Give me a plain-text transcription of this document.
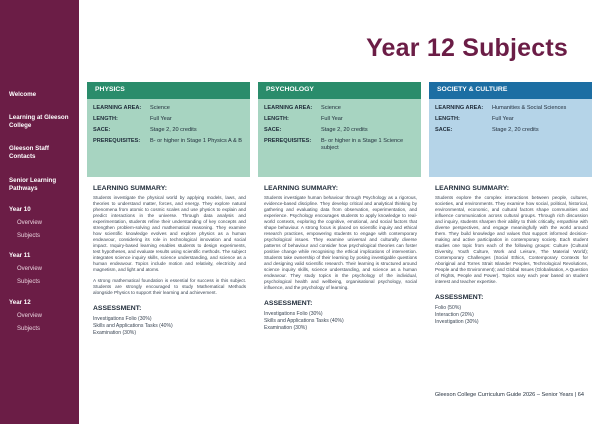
Welcome
Learning at Gleeson College
Gleeson Staff Contacts
Senior Learning Pathways
Year 10
Overview
Subjects
Year 11
Overview
Subjects
Year 12
Overview
Subjects
Year 12 Subjects
PHYSICS
LEARNING AREA:	Science
LENGTH:	Full Year
SACE:	Stage 2, 20 credits
PREREQUISITES:	B- or higher in Stage 1 Physics A & B
LEARNING SUMMARY:

Students investigate the physical world by applying models, laws, and theories to understand matter, forces, and energy. They explore natural phenomena from atomic to cosmic scales and use physics to explain and predict interactions in the universe. Through data analysis and experimentation, students refine their understanding of key concepts and strengthen problem-solving and mathematical reasoning. They examine how scientific knowledge evolves and explore physics as a human endeavour, considering its role in technological innovation and social impact. Inquiry-based learning enables students to design experiments, test hypotheses, and evaluate results using scientific methods. The subject integrates science inquiry skills, science understanding, and science as a human endeavour. Topics include motion and relativity, electricity and magnetism, and light and atoms.

A strong mathematical foundation is essential for success in this subject. Students are strongly encouraged to study Mathematical Methods alongside Physics to support their learning and achievement.

ASSESSMENT:
Investigations Folio (30%)
Skills and Applications Tasks (40%)
Examination (30%)
PSYCHOLOGY
LEARNING AREA:	Science
LENGTH:	Full Year
SACE:	Stage 2, 20 credits
PREREQUISITES:	B- or higher in a Stage 1 Science subject
LEARNING SUMMARY:

Students investigate human behaviour through Psychology as a rigorous, evidence-based discipline. They develop critical and analytical thinking by gathering and evaluating data from observation, experimentation, and experience. Psychology encourages students to apply knowledge to real-world contexts, exploring the cognitive, emotional, and social factors that shape behaviour. A strong focus is placed on scientific inquiry and ethical research practices, empowering students to engage with contemporary psychological issues. They examine universal and culturally diverse patterns of behaviour and consider how psychological theories can foster positive change while recognising the ethical implications of intervention. Students take ownership of their learning by posing investigable questions and designing valid scientific research. Their learning is structured around science inquiry skills, science understanding, and science as a human endeavour. They study topics in the psychology of the individual, psychological health and wellbeing, organisational psychology, social influence, and the psychology of learning.

ASSESSMENT:
Investigations Folio (30%)
Skills and Applications Tasks (40%)
Examination (30%)
SOCIETY & CULTURE
LEARNING AREA:	Humanities & Social Sciences
LENGTH:	Full Year
SACE:	Stage 2, 20 credits
LEARNING SUMMARY:

Students explore the complex interactions between people, cultures, societies, and environments. They examine how social, political, historical, environmental, economic, and cultural factors shape communities and influence communication across cultural groups. Through rich discussion and inquiry, students sharpen their ability to think critically, empathise with diverse perspectives, and engage meaningfully with the world around them. They build knowledge and values that support informed decision-making and active participation in contemporary society. Each student studies one topic from each of the following groups: Culture (Cultural Diversity, Youth Culture, Work and Leisure, The Material World); Contemporary Challenges (Social Ethics, Contemporary Contexts for Aboriginal and Torres Strait Islander Peoples, Technological Revolutions, People and the Environment); and Global Issues (Globalisation, A Question of Rights, People and Power). Topics vary each year based on student interest and teacher expertise.

ASSESSMENT:
Folio (50%)
Interaction (20%)
Investigation (30%)
Gleeson College Curriculum Guide 2026 – Senior Years | 64
